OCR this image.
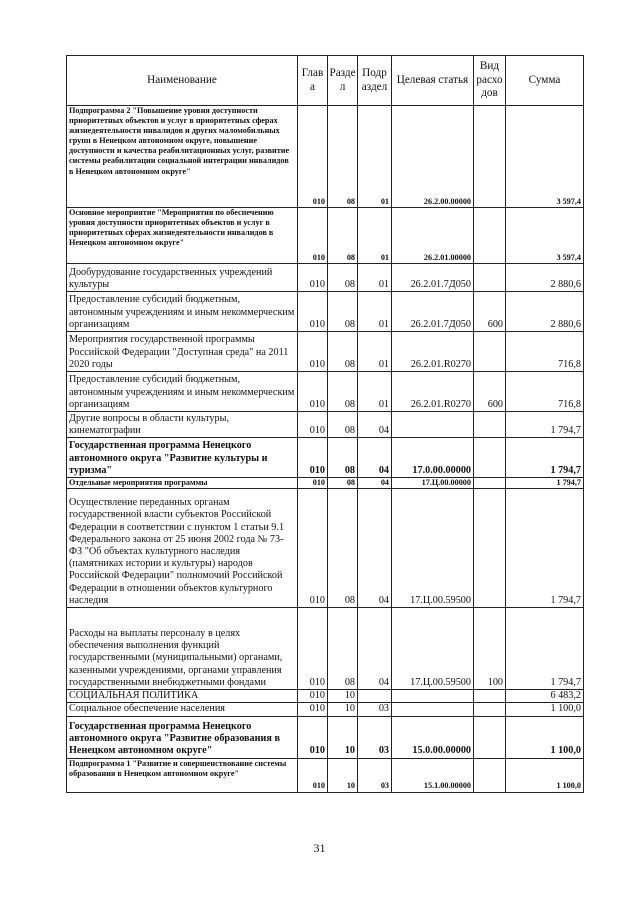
Наименование	Глав а	Разде л	Подр аздел	Целевая статья	Вид расхо дов	Сумма
Подпрограмма 2 "Повышение уровня доступности приоритетных объектов и услуг в приоритетных сферах жизнедеятельности инвалидов и других маломобильных групп в Ненецком автономном округе, повышение доступности и качества реабилитационных услуг, развитие системы реабилитации социальной интеграции инвалидов в Ненецком автономном округе"	010	08	01	26.2.00.00000		3 597,4
Основное мероприятие "Мероприятия по обеспечению уровня доступности приоритетных объектов и услуг в приоритетных сферах жизнедеятельности инвалидов в Ненецком автономном округе"	010	08	01	26.2.01.00000		3 597,4
Дообурудование государственных учреждений культуры	010	08	01	26.2.01.7Д050		2 880,6
Предоставление субсидий бюджетным, автономным учреждениям и иным некоммерческим организациям	010	08	01	26.2.01.7Д050	600	2 880,6
Мероприятия государственной программы Российской Федерации "Доступная среда" на 2011 2020 годы	010	08	01	26.2.01.R0270		716,8
Предоставление субсидий бюджетным, автономным учреждениям и иным некоммерческим организациям	010	08	01	26.2.01.R0270	600	716,8
Другие вопросы в области культуры, кинематографии	010	08	04			1 794,7
Государственная программа Ненецкого автономного округа "Развитие культуры и туризма"	010	08	04	17.0.00.00000		1 794,7
Отдельные мероприятия программы	010	08	04	17.Ц.00.00000		1 794,7
Осуществление переданных органам государственной власти субъектов Российской Федерации в соответствии с пунктом 1 статьи 9.1 Федерального закона от 25 июня 2002 года № 73-ФЗ "Об объектах культурного наследия (памятниках истории и культуры) народов Российской Федерации" полномочий Российской Федерации в отношении объектов культурного наследия	010	08	04	17.Ц.00.59500		1 794,7
Расходы на выплаты персоналу в целях обеспечения выполнения функций государственными (муниципальными) органами, казенными учреждениями, органами управления государственными внебюджетными фондами	010	08	04	17.Ц.00.59500	100	1 794,7
СОЦИАЛЬНАЯ ПОЛИТИКА	010	10				6 483,2
Социальное обеспечение населения	010	10	03			1 100,0
Государственная программа Ненецкого автономного округа "Развитие образования в Ненецком автономном округе"	010	10	03	15.0.00.00000		1 100,0
Подпрограмма 1 "Развитие и совершенствование системы образования в Ненецком автономном округе"	010	10	03	15.1.00.00000		1 100,0
31
